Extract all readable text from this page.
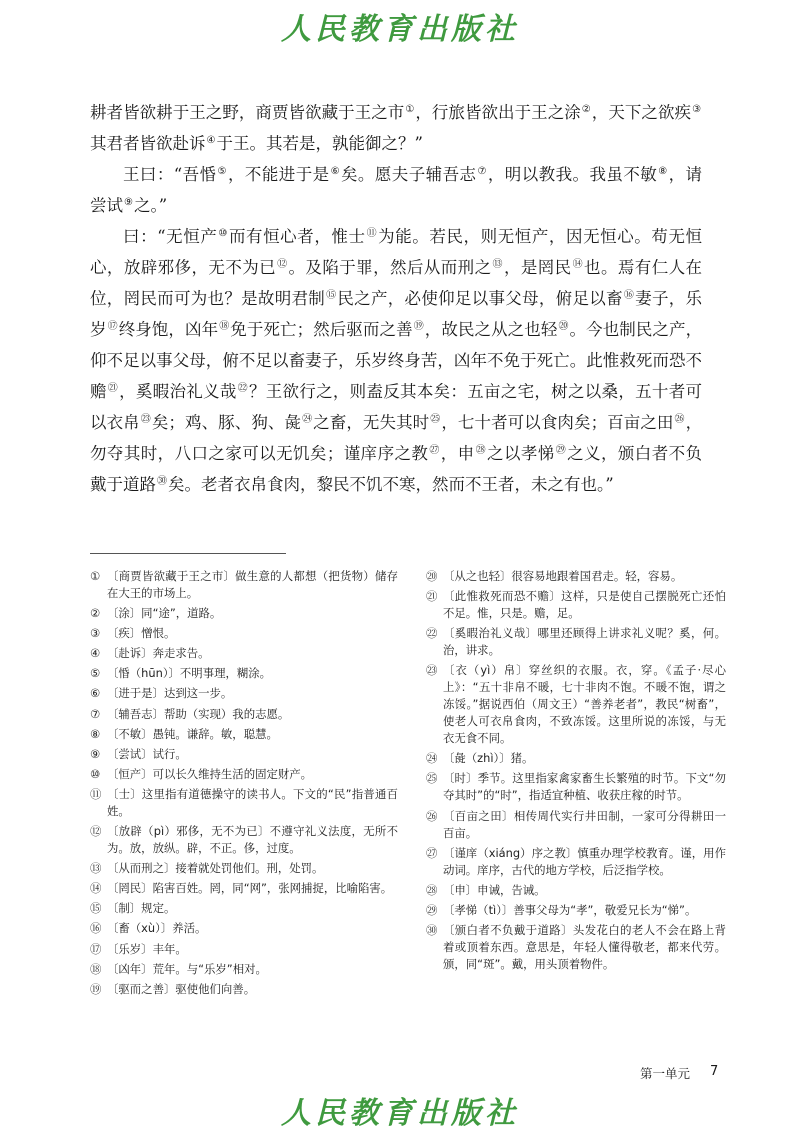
人民教育出版社

耕者皆欲耕于王之野，商贾皆欲藏于王之市①，行旅皆欲出于王之涂②，天下之欲疾③其君者皆欲赴诉④于王。其若是，孰能御之？”

王曰：“吾惛⑤，不能进于是⑥矣。愿夫子辅吾志⑦，明以教我。我虽不敏⑧，请尝试⑨之。”

曰：“无恒产⑩而有恒心者，惟士⑪为能。若民，则无恒产，因无恒心。苟无恒心，放辟邪侈，无不为已⑫。及陷于罪，然后从而刑之⑬，是罔民⑭也。焉有仁人在位，罔民而可为也？是故明君制⑮民之产，必使仰足以事父母，俯足以畜⑯妻子，乐岁⑰终身饱，凶年⑱免于死亡；然后驱而之善⑲，故民之从之也轻⑳。今也制民之产，仰不足以事父母，俯不足以畜妻子，乐岁终身苦，凶年不免于死亡。此惟救死而恐不赡$^㉑$，奚暇治礼义哉$^㉒$？王欲行之，则盍反其本矣：五亩之宅，树之以桑，五十者可以衣帛$^㉓$矣；鸡、豚、狗、彘$^㉔$之畜，无失其时$^㉕$，七十者可以食肉矣；百亩之田$^㉖$，勿夺其时，八口之家可以无饥矣；谨庠序之教$^㉗$，申$^㉘$之以孝悌$^㉙$之义，颁白者不负戴于道路$^㉚$矣。老者衣帛食肉，黎民不饥不寒，然而不王者，未之有也。”

① 〔商贾皆欲藏于王之市〕做生意的人都想（把货物）储存在大王的市场上。
② 〔涂〕同“途”，道路。
③ 〔疾〕憎恨。
④ 〔赴诉〕奔走求告。
⑤ 〔惛（hūn）〕不明事理，糊涂。
⑥ 〔进于是〕达到这一步。
⑦ 〔辅吾志〕帮助（实现）我的志愿。
⑧ 〔不敏〕愚钝。谦辞。敏，聪慧。
⑨ 〔尝试〕试行。
⑩ 〔恒产〕可以长久维持生活的固定财产。
⑪ 〔士〕这里指有道德操守的读书人。下文的“民”指普通百姓。
⑫ 〔放辟（pì）邪侈，无不为已〕不遵守礼义法度，无所不为。放，放纵。辟，不正。侈，过度。
⑬ 〔从而刑之〕接着就处罚他们。刑，处罚。
⑭ 〔罔民〕陷害百姓。罔，同“网”，张网捕捉，比喻陷害。
⑮ 〔制〕规定。
⑯ 〔畜（xù）〕养活。
⑰ 〔乐岁〕丰年。
⑱ 〔凶年〕荒年。与“乐岁”相对。
⑲ 〔驱而之善〕驱使他们向善。
⑳ 〔从之也轻〕很容易地跟着国君走。轻，容易。
㉑ 〔此惟救死而恐不赡〕这样，只是使自己摆脱死亡还怕不足。惟，只是。赡，足。
㉒ 〔奚暇治礼义哉〕哪里还顾得上讲求礼义呢？奚，何。治，讲求。
㉓ 〔衣（yì）帛〕穿丝织的衣服。衣，穿。《孟子·尽心上》：“五十非帛不暖，七十非肉不饱。不暖不饱，谓之冻馁。”据说西伯（周文王）“善养老者”，教民“树畜”，使老人可衣帛食肉，不致冻馁。这里所说的冻馁，与无衣无食不同。
㉔ 〔彘（zhì）〕猪。
㉕ 〔时〕季节。这里指家禽家畜生长繁殖的时节。下文“勿夺其时”的“时”，指适宜种植、收获庄稼的时节。
㉖ 〔百亩之田〕相传周代实行井田制，一家可分得耕田一百亩。
㉗ 〔谨庠（xiáng）序之教〕慎重办理学校教育。谨，用作动词。庠序，古代的地方学校，后泛指学校。
㉘ 〔申〕申诫，告诫。
㉙ 〔孝悌（tì）〕善事父母为“孝”，敬爱兄长为“悌”。
㉚ 〔颁白者不负戴于道路〕头发花白的老人不会在路上背着或顶着东西。意思是，年轻人懂得敬老，都来代劳。颁，同“斑”。戴，用头顶着物件。
第一单元 7
人民教育出版社
